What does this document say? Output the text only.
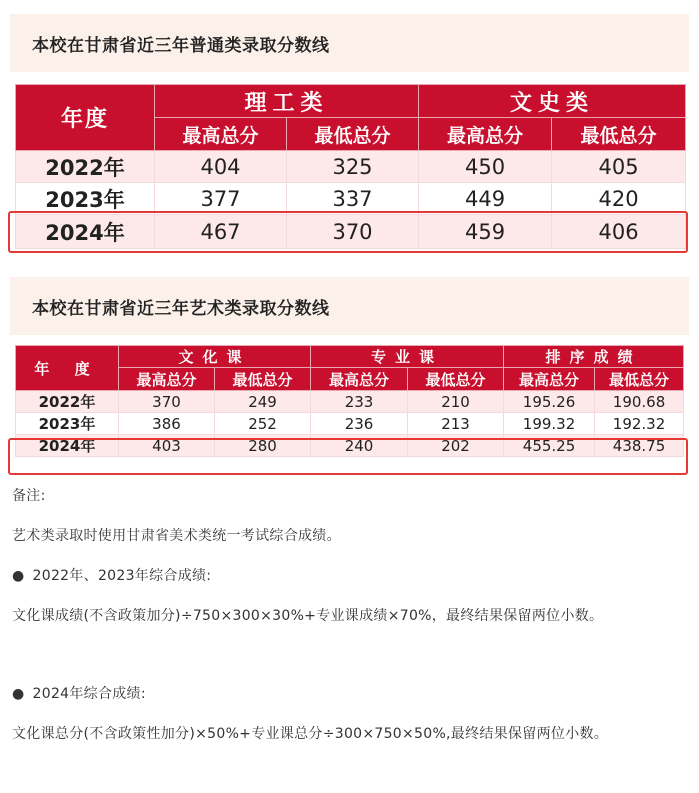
本校在甘肃省近三年普通类录取分数线
年度	理工类		文史类	
	最高总分	最低总分	最高总分	最低总分
2022年	404	325	450	405
2023年	377	337	449	420
2024年	467	370	459	406
本校在甘肃省近三年艺术类录取分数线
年 度	文化课		专业课		排序成绩	
	最高总分	最低总分	最高总分	最低总分	最高总分	最低总分
2022年	370	249	233	210	195.26	190.68
2023年	386	252	236	213	199.32	192.32
2024年	403	280	240	202	455.25	438.75

备注:

艺术类录取时使用甘肃省美术类统一考试综合成绩。

● 2022年、2023年综合成绩:

文化课成绩(不含政策加分)÷750×300×30%+专业课成绩×70%，最终结果保留两位小数。

● 2024年综合成绩:

文化课总分(不含政策性加分)×50%+专业课总分÷300×750×50%,最终结果保留两位小数。
